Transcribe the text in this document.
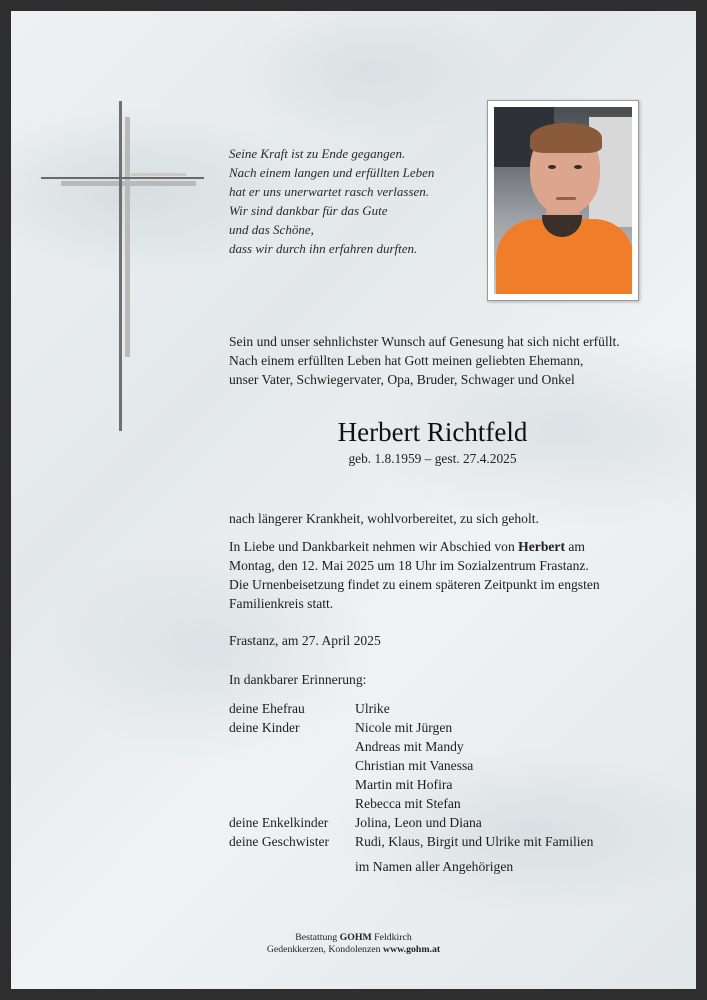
Seine Kraft ist zu Ende gegangen.
Nach einem langen und erfüllten Leben
hat er uns unerwartet rasch verlassen.
Wir sind dankbar für das Gute
und das Schöne,
dass wir durch ihn erfahren durften.
Sein und unser sehnlichster Wunsch auf Genesung hat sich nicht erfüllt.
Nach einem erfüllten Leben hat Gott meinen geliebten Ehemann,
unser Vater, Schwiegervater, Opa, Bruder, Schwager und Onkel
Herbert Richtfeld
geb. 1.8.1959 – gest. 27.4.2025
nach längerer Krankheit, wohlvorbereitet, zu sich geholt.
In Liebe und Dankbarkeit nehmen wir Abschied von Herbert am
Montag, den 12. Mai 2025 um 18 Uhr im Sozialzentrum Frastanz.
Die Urnenbeisetzung findet zu einem späteren Zeitpunkt im engsten
Familienkreis statt.
Frastanz, am 27. April 2025
In dankbarer Erinnerung:
deine Ehefrau	Ulrike
deine Kinder	Nicole mit Jürgen
Andreas mit Mandy
Christian mit Vanessa
Martin mit Hofira
Rebecca mit Stefan
deine Enkelkinder	Jolina, Leon und Diana
deine Geschwister	Rudi, Klaus, Birgit und Ulrike mit Familien
im Namen aller Angehörigen
Bestattung GOHM Feldkirch
Gedenkkerzen, Kondolenzen www.gohm.at
